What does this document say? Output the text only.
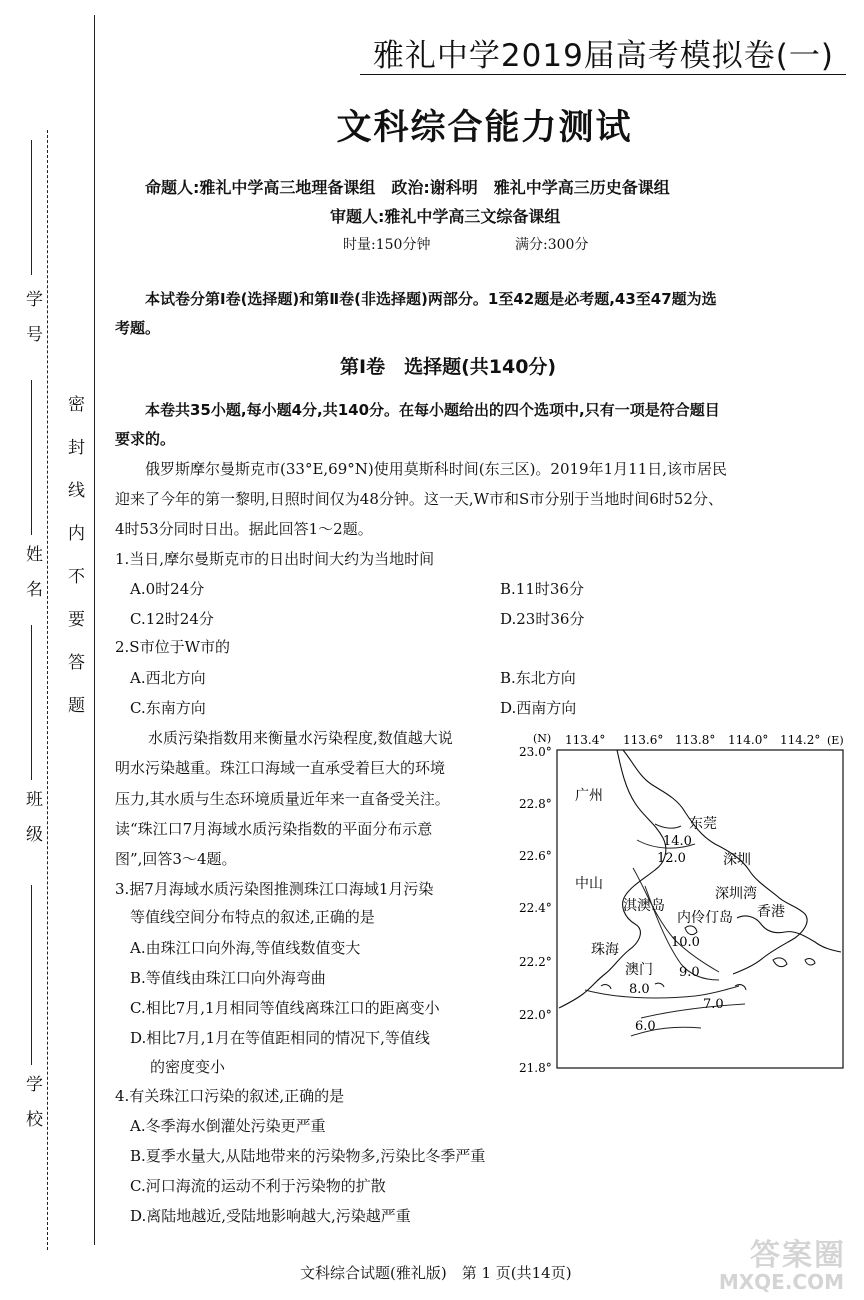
学号
姓名
班级
学校
密封线内不要答题
雅礼中学2019届高考模拟卷(一)
文科综合能力测试
命题人:雅礼中学高三地理备课组　政治:谢科明　雅礼中学高三历史备课组
审题人:雅礼中学高三文综备课组
时量:150分钟	满分:300分
本试卷分第Ⅰ卷(选择题)和第Ⅱ卷(非选择题)两部分。1至42题是必考题,43至47题为选
考题。
第Ⅰ卷　选择题(共140分)
本卷共35小题,每小题4分,共140分。在每小题给出的四个选项中,只有一项是符合题目
要求的。
俄罗斯摩尔曼斯克市(33°E,69°N)使用莫斯科时间(东三区)。2019年1月11日,该市居民
迎来了今年的第一黎明,日照时间仅为48分钟。这一天,W市和S市分别于当地时间6时52分、
4时53分同时日出。据此回答1～2题。
1.当日,摩尔曼斯克市的日出时间大约为当地时间
A.0时24分	B.11时36分
C.12时24分	D.23时36分
2.S市位于W市的
A.西北方向	B.东北方向
C.东南方向	D.西南方向
水质污染指数用来衡量水污染程度,数值越大说
明水污染越重。珠江口海域一直承受着巨大的环境
压力,其水质与生态环境质量近年来一直备受关注。
读“珠江口7月海域水质污染指数的平面分布示意
图”,回答3～4题。
3.据7月海域水质污染图推测珠江口海域1月污染
等值线空间分布特点的叙述,正确的是
A.由珠江口向外海,等值线数值变大
B.等值线由珠江口向外海弯曲
C.相比7月,1月相同等值线离珠江口的距离变小
D.相比7月,1月在等值距相同的情况下,等值线
的密度变小
4.有关珠江口污染的叙述,正确的是
A.冬季海水倒灌处污染更严重
B.夏季水量大,从陆地带来的污染物多,污染比冬季严重
C.河口海流的运动不利于污染物的扩散
D.离陆地越近,受陆地影响越大,污染越严重
(N) 113.4° 113.6° 113.8° 114.0° 114.2° (E)
23.0°
22.8°
22.6°
22.4°
22.2°
22.0°
21.8°
14.0
12.0
10.0
9.0
8.0
7.0
6.0
广州
东莞
深圳
中山
淇澳岛
深圳湾
香港
内伶仃岛
珠海
澳门
文科综合试题(雅礼版)　第 1 页(共14页)	答案圈
MXQE.COM
